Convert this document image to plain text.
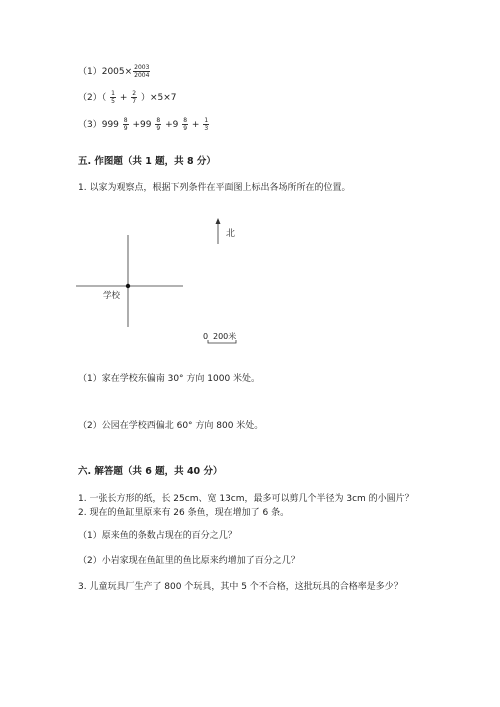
$(1)2005\times \frac{2003}{2004}$
$(2)( \frac{1}{5} + \frac{2}{7} )\times 5\times 7$
$(3)999 \frac{8}{9} +99 \frac{8}{9} +9 \frac{8}{9} + \frac{1}{3}$
五. 作图题（共 1 题，共 8 分）
1. 以家为观察点，根据下列条件在平面图上标出各场所所在的位置。
学校
北
0 200米
（1）家在学校东偏南 30° 方向 1000 米处。
（2）公园在学校西偏北 60° 方向 800 米处。
六. 解答题（共 6 题，共 40 分）
1. 一张长方形的纸，长 25cm、宽 13cm，最多可以剪几个半径为 3cm 的小圆片？
2. 现在的鱼缸里原来有 26 条鱼，现在增加了 6 条。
（1）原来鱼的条数占现在的百分之几？
（2）小岩家现在鱼缸里的鱼比原来约增加了百分之几？
3. 儿童玩具厂生产了 800 个玩具，其中 5 个不合格，这批玩具的合格率是多少？
